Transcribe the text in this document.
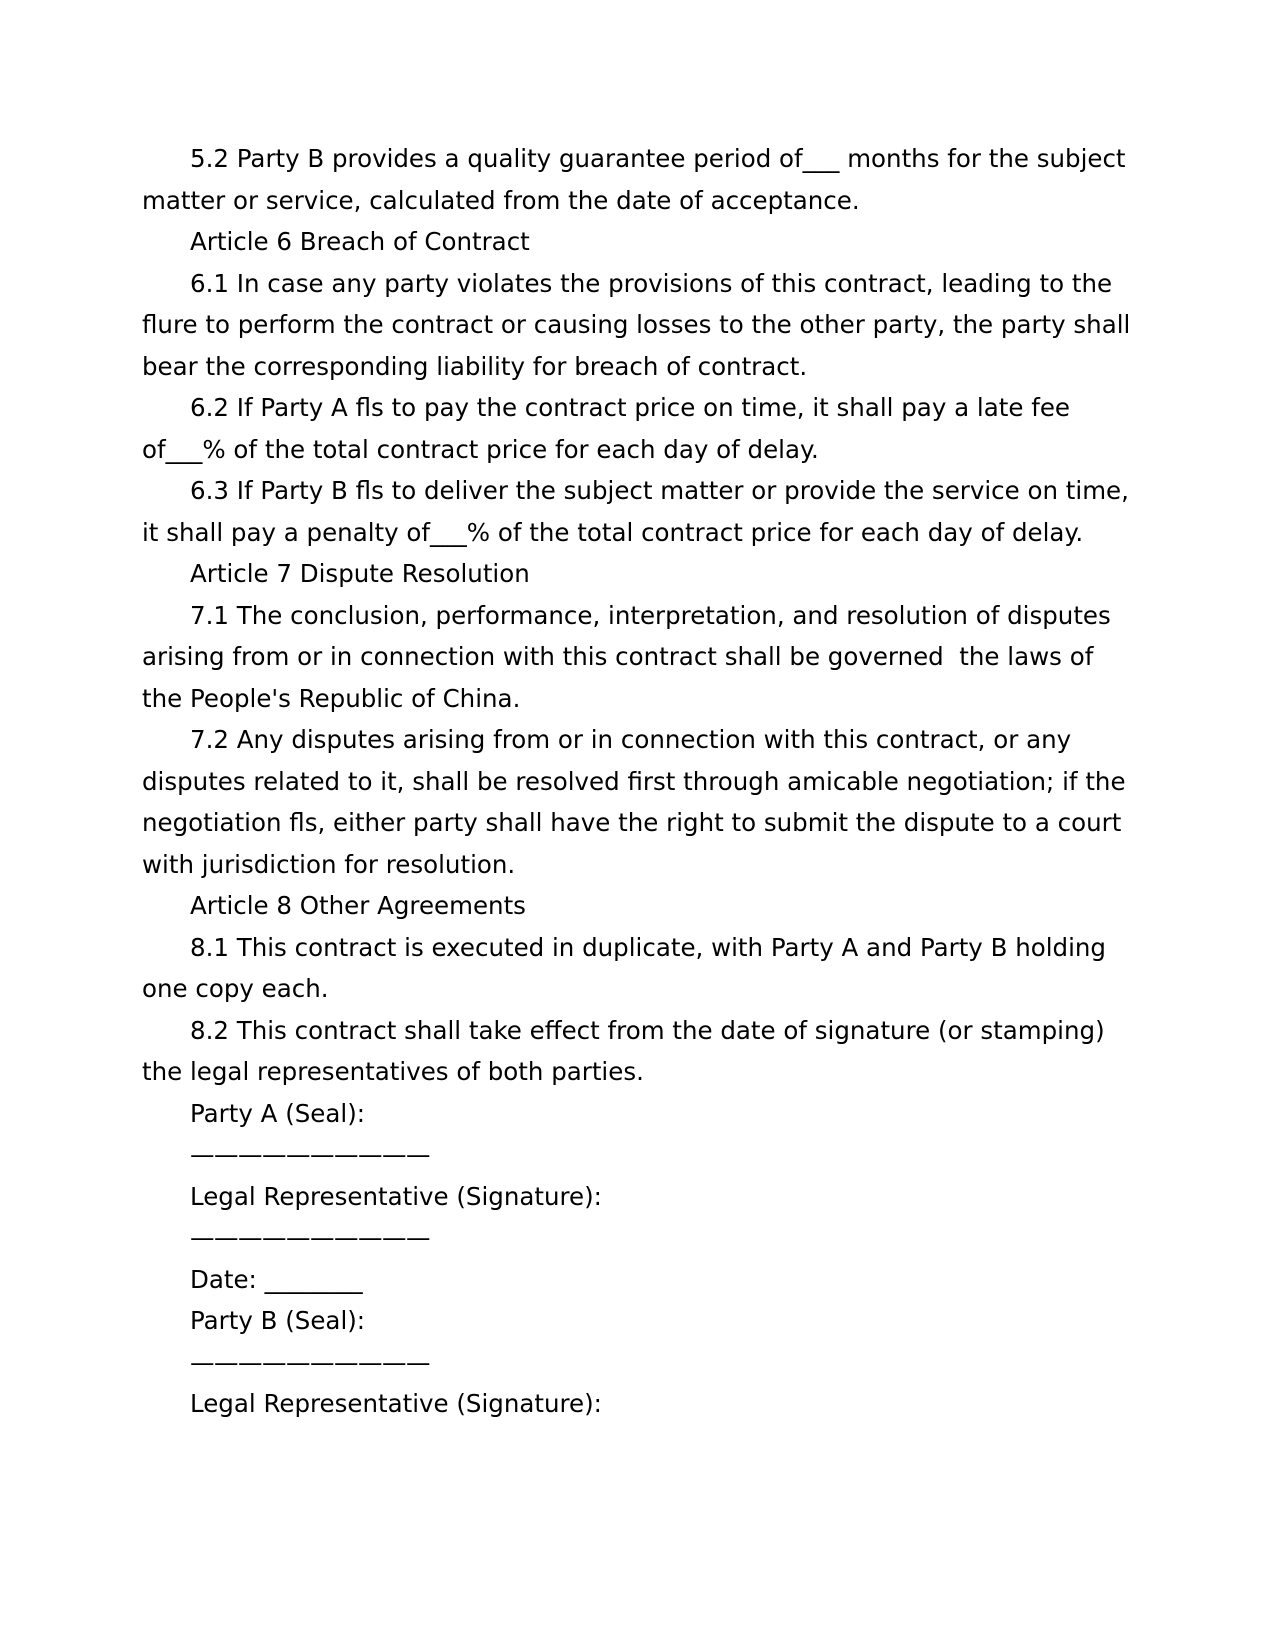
5.2 Party B provides a quality guarantee period of___ months for the subject matter or service, calculated from the date of acceptance.

Article 6 Breach of Contract

6.1 In case any party violates the provisions of this contract, leading to the flure to perform the contract or causing losses to the other party, the party shall bear the corresponding liability for breach of contract.

6.2 If Party A fls to pay the contract price on time, it shall pay a late fee of___% of the total contract price for each day of delay.

6.3 If Party B fls to deliver the subject matter or provide the service on time, it shall pay a penalty of___% of the total contract price for each day of delay.

Article 7 Dispute Resolution

7.1 The conclusion, performance, interpretation, and resolution of disputes arising from or in connection with this contract shall be governed  the laws of the People's Republic of China.

7.2 Any disputes arising from or in connection with this contract, or any disputes related to it, shall be resolved first through amicable negotiation; if the negotiation fls, either party shall have the right to submit the dispute to a court with jurisdiction for resolution.

Article 8 Other Agreements

8.1 This contract is executed in duplicate, with Party A and Party B holding one copy each.

8.2 This contract shall take effect from the date of signature (or stamping) the legal representatives of both parties.

Party A (Seal):

——————————

Legal Representative (Signature):

——————————

Date: ________

Party B (Seal):

——————————

Legal Representative (Signature):
